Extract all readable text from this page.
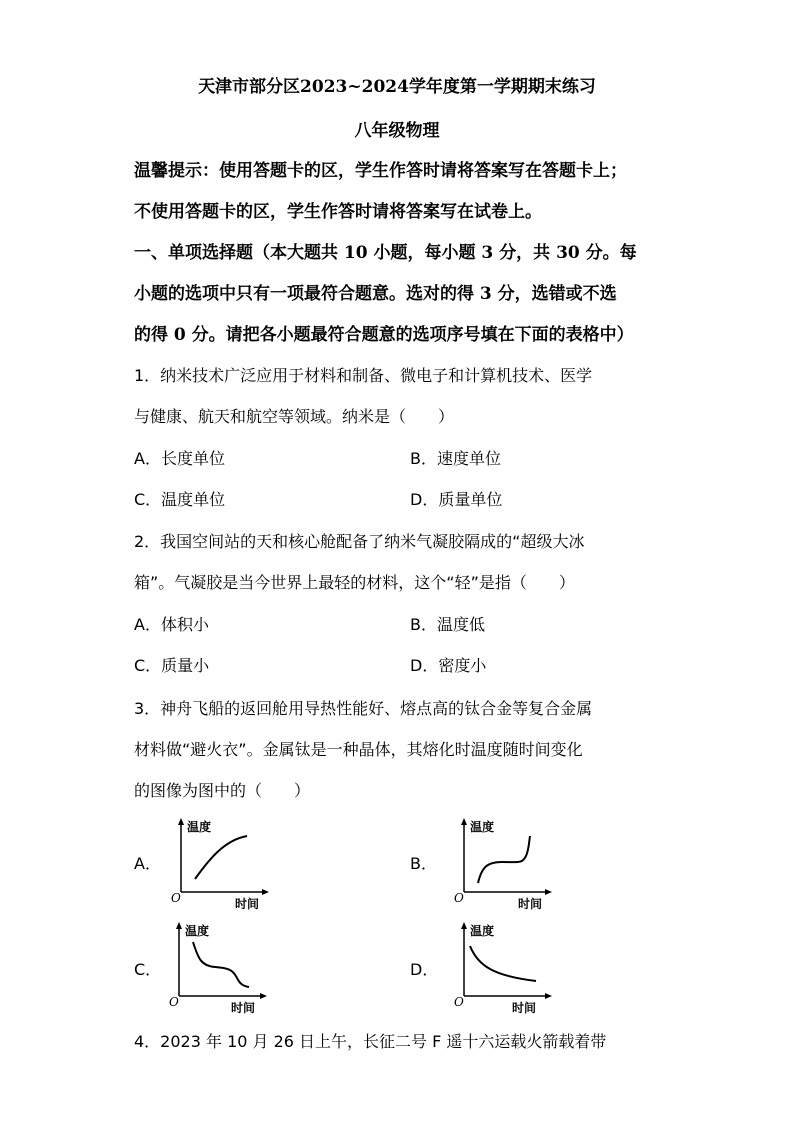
天津市部分区2023~2024学年度第一学期期末练习
八年级物理
温馨提示：使用答题卡的区，学生作答时请将答案写在答题卡上；
不使用答题卡的区，学生作答时请将答案写在试卷上。
一、单项选择题（本大题共 10 小题，每小题 3 分，共 30 分。每
小题的选项中只有一项最符合题意。选对的得 3 分，选错或不选
的得 0 分。请把各小题最符合题意的选项序号填在下面的表格中）
1．纳米技术广泛应用于材料和制备、微电子和计算机技术、医学
与健康、航天和航空等领域。纳米是（　　）
A．长度单位	B．速度单位
C．温度单位	D．质量单位
2．我国空间站的天和核心舱配备了纳米气凝胶隔成的“超级大冰
箱”。气凝胶是当今世界上最轻的材料，这个“轻”是指（　　）
A．体积小	B．温度低
C．质量小	D．密度小
3．神舟飞船的返回舱用导热性能好、熔点高的钛合金等复合金属
材料做“避火衣”。金属钛是一种晶体，其熔化时温度随时间变化
的图像为图中的（　　）
A．
温度
时间
O
B．
温度
时间
O
C．
温度
时间
O
D．
温度
时间
O
4．2023 年 10 月 26 日上午，长征二号 F 遥十六运载火箭载着带
